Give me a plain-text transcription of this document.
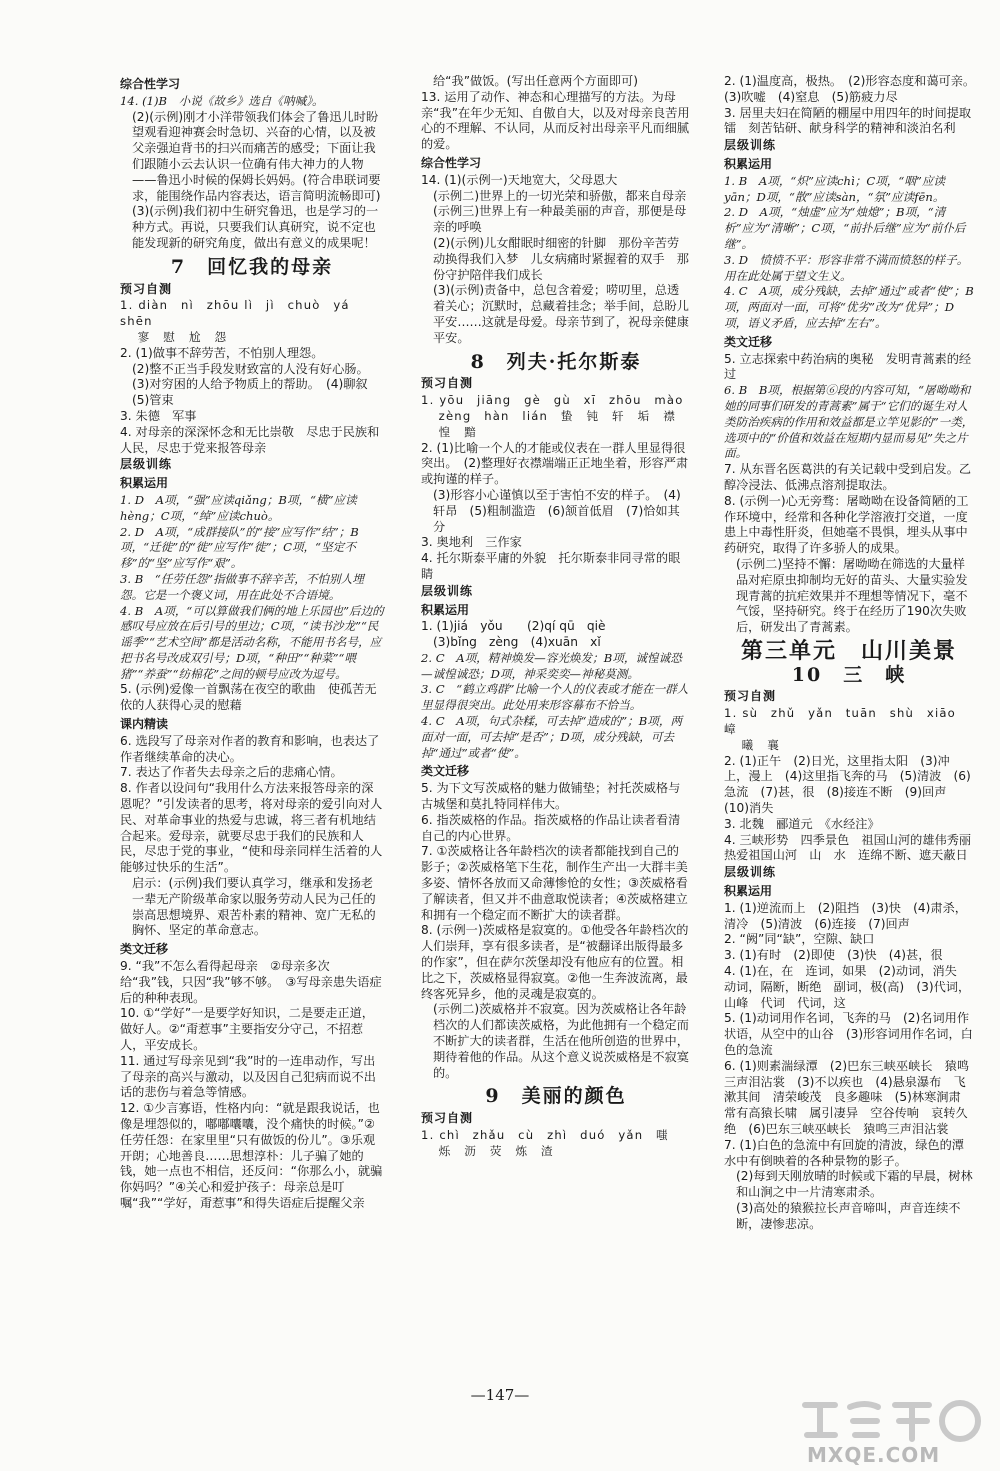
综合性学习
14. (1)B　小说《故乡》选自《呐喊》。
(2)(示例)刚才小洋带领我们体会了鲁迅儿时盼望观看迎神赛会时急切、兴奋的心情，以及被父亲强迫背书的扫兴而痛苦的感受；下面让我们跟随小云去认识一位确有伟大神力的人物——鲁迅小时候的保姆长妈妈。(符合串联词要求，能围绕作品内容表达，语言简明流畅即可)
(3)(示例)我们初中生研究鲁迅，也是学习的一种方式。再说，只要我们认真研究，说不定也能发现新的研究角度，做出有意义的成果呢！
7　回忆我的母亲
预习自测
1. diàn　nì　zhōu lì　jì　chuò　yá　shēn
　 寥　慰　尬　怨
2. (1)做事不辞劳苦，不怕别人理怨。
(2)整不正当手段发财致富的人没有好心肠。　(3)对穷困的人给予物质上的帮助。　(4)聊叙　(5)管束
3. 朱德　军事
4. 对母亲的深深怀念和无比崇敬　尽忠于民族和人民，尽忠于党来报答母亲
层级训练
积累运用
1. D　A项，“强”应读qiǎng；B项，“横”应读hèng；C项，“绰”应读chuò。
2. D　A项，“成群接队”的“接”应写作“结”；B项，“迁徙”的“徙”应写作“徙”；C项，“坚定不移”的“坚”应写作“艰”。
3. B　“任劳任怨”指做事不辞辛苦，不怕别人埋怨。它是一个褒义词，用在此处不合语境。
4. B　A项，“可以算做我们俩的地上乐园也”后边的感叹号应放在后引号的里边；C项，“读书沙龙”“民谣季”“艺术空间”都是活动名称，不能用书名号，应把书名号改成双引号；D项，“种田”“种菜”“喂猪”“养蚕”“纺棉花”之间的顿号应改为逗号。
5. (示例)爱像一首飘荡在夜空的歌曲　使孤苦无依的人获得心灵的慰藉
课内精读
6. 选段写了母亲对作者的教育和影响，也表达了作者继续革命的决心。
7. 表达了作者失去母亲之后的悲痛心情。
8. 作者以设问句“我用什么方法来报答母亲的深恩呢？”引发读者的思考，将对母亲的爱引向对人民、对革命事业的热爱与忠诚，将三者有机地结合起来。爱母亲，就要尽忠于我们的民族和人民，尽忠于党的事业，“使和母亲同样生活着的人能够过快乐的生活”。
启示：(示例)我们要认真学习，继承和发扬老一辈无产阶级革命家以服务劳动人民为己任的崇高思想境界、艰苦朴素的精神、宽广无私的胸怀、坚定的革命意志。
类文迁移
9. “我”不怎么看得起母亲　②母亲多次给“我”钱，只因“我”够不够。　③写母亲患失语症后的种种表现。
10. ①“学好”一是要学好知识，二是要走正道，做好人。②“甭惹事”主要指安分守己，不招惹人，平安成长。
11. 通过写母亲见到“我”时的一连串动作，写出了母亲的高兴与激动，以及因自己犯病而说不出话的悲伤与着急等情感。
12. ①少言寡语，性格内向：“就是跟我说话，也像是埋怨似的，嘟嘟囔囔，没个痛快的时候。”②任劳任怨：在家里里“只有做饭的份儿”。③乐观开朗；心地善良……思想淳朴：儿子骗了她的钱，她一点也不相信，还反问：“你那么小，就骗你妈吗？”④关心和爱护孩子：母亲总是叮嘱“我”“学好，甭惹事”和得失语症后提醒父亲
给“我”做饭。(写出任意两个方面即可)
13. 运用了动作、神态和心理描写的方法。为母亲“我”在年少无知、自傲自大，以及对母亲良苦用心的不理解、不认同，从而反衬出母亲平凡而细腻的爱。
综合性学习
14. (1)(示例一)天地宽大，父母恩大
(示例二)世界上的一切光荣和骄傲，都来自母亲
(示例三)世界上有一种最美丽的声音，那便是母亲的呼唤
(2)(示例)儿女酣眠时细密的针脚　那份辛苦劳动换得我们入梦　儿女病痛时紧握着的双手　那份守护陪伴我们成长
(3)(示例)责备中，总包含着爱；唠叨里，总透着关心；沉默时，总藏着挂念；举手间，总盼儿平安……这就是母爱。母亲节到了，祝母亲健康平安。
8　列夫·托尔斯泰
预习自测
1. yōu　jiāng　gè　gù　xī　zhōu　mào
　 zèng　hàn　lián　蛰　钝　轩　垢　襟
　 惶　黯
2. (1)比喻一个人的才能或仪表在一群人里显得很突出。　(2)整理好衣襟端端正正地坐着，形容严肃或拘谨的样子。
(3)形容小心谨慎以至于害怕不安的样子。　(4)轩昂　(5)粗制滥造　(6)颔首低眉　(7)恰如其分
3. 奥地利　三作家
4. 托尔斯泰平庸的外貌　托尔斯泰非同寻常的眼睛
层级训练
积累运用
1. (1)jiá　yǒu　　(2)qí qū　qiè
(3)bǐng　zèng　(4)xuān　xǐ
2. C　A项，精神焕发—容光焕发；B项，诚惶诚恐—诚惶诚恐；D项，神采奕奕—神秘莫测。
3. C　“鹤立鸡群”比喻一个人的仪表或才能在一群人里显得很突出。此处用来形容幕布不恰当。
4. C　A项，句式杂糅，可去掉“造成的”；B项，两面对一面，可去掉“是否”；D项，成分残缺，可去掉“通过”或者“使”。
类文迁移
5. 为下文写茨威格的魅力做铺垫；衬托茨威格与古城堡和莫扎特同样伟大。
6. 指茨威格的作品。指茨威格的作品让读者看清自己的内心世界。
7. ①茨威格让各年龄档次的读者都能找到自己的影子；②茨威格笔下生花，制作生产出一大群丰美多姿、情怀各放而又命薄惨怆的女性；③茨威格看了解读者，但又并不曲意取悦读者；④茨威格建立和拥有一个稳定而不断扩大的读者群。
8. (示例一)茨威格是寂寞的。①他受各年龄档次的人们崇拜，享有很多读者，是“被翻译出版得最多的作家”，但在萨尔茨堡却没有他应有的位置。相比之下，茨威格显得寂寞。②他一生奔波流离，最终客死异乡，他的灵魂是寂寞的。
(示例二)茨威格并不寂寞。因为茨威格让各年龄档次的人们都读茨威格，为此他拥有一个稳定而不断扩大的读者群，生活在他所创造的世界中，期待着他的作品。从这个意义说茨威格是不寂寞的。
9　美丽的颜色
预习自测
1. chì　zhǎu　cù　zhì　duó　yǎn　嗤
　 烁　沥　荧　炼　渣
2. (1)温度高，极热。　(2)形容态度和蔼可亲。　(3)吹嘘　(4)窒息　(5)筋疲力尽
3. 居里夫妇在简陋的棚屋中用四年的时间提取镭　刻苦钻研、献身科学的精神和淡泊名利
层级训练
积累运用
1. B　A项，“炽”应读chì；C项，“咽”应读yān；D项，“散”应读sàn，“氛”应读fēn。
2. D　A项，“烛虚”应为“烛熄”；B项，“清析”应为“清晰”；C项，“前扑后继”应为“前仆后继”。
3. D　愤愤不平：形容非常不满而愤怒的样子。用在此处属于望文生义。
4. C　A项，成分残缺，去掉“通过”或者“使”；B项，两面对一面，可将“优劣”改为“优异”；D项，语义矛盾，应去掉“左右”。
类文迁移
5. 立志探索中药治病的奥秘　发明青蒿素的经过
6. B　B项，根据第⑥段的内容可知，“屠呦呦和她的同事们研发的青蒿素”属于“它们的诞生对人类防治疾病的作用和效益都是立竿见影的”一类，选项中的“价值和效益在短期内显而易见”失之片面。
7. 从东晋名医葛洪的有关记载中受到启发。乙醇冷浸法、低沸点溶剂提取法。
8. (示例一)心无旁骛：屠呦呦在设备简陋的工作环境中，经常和各种化学溶液打交道，一度患上中毒性肝炎，但她毫不畏惧，埋头从事中药研究，取得了许多骄人的成果。
(示例二)坚持不懈：屠呦呦在筛选的大量样品对疟原虫抑制均无好的苗头、大量实验发现青蒿的抗疟效果并不理想等情况下，毫不气馁，坚持研究。终于在经历了190次失败后，研发出了青蒿素。
第三单元　山川美景
10　三　峡
预习自测
1. sù　zhǔ　yǎn　tuān　shù　xiāo　嶂
　 曦　襄
2. (1)正午　(2)日光，这里指太阳　(3)冲上，漫上　(4)这里指飞奔的马　(5)清波　(6)急流　(7)甚，很　(8)接连不断　(9)回声　(10)消失
3. 北魏　郦道元　《水经注》
4. 三峡形势　四季景色　祖国山河的雄伟秀丽　热爱祖国山河　山　水　连绵不断、遮天蔽日
层级训练
积累运用
1. (1)逆流而上　(2)阻挡　(3)快　(4)肃杀，清冷　(5)清波　(6)连接　(7)回声
2. “阙”同“缺”，空隙、缺口
3. (1)有时　(2)即使　(3)快　(4)甚，很
4. (1)在，在　连词，如果　(2)动词，消失　动词，隔断，断绝　副词，极(高)　(3)代词，山峰　代词　代词，这
5. (1)动词用作名词，飞奔的马　(2)名词用作状语，从空中的山谷　(3)形容词用作名词，白色的急流
6. (1)则素湍绿潭　(2)巴东三峡巫峡长　猿鸣三声泪沾裳　(3)不以疾也　(4)悬泉瀑布　飞漱其间　清荣峻茂　良多趣味　(5)林寒涧肃　常有高猿长啸　属引凄异　空谷传响　哀转久绝　(6)巴东三峡巫峡长　猿鸣三声泪沾裳
7. (1)白色的急流中有回旋的清波，绿色的潭水中有倒映着的各种景物的影子。
(2)每到天刚放晴的时候或下霜的早晨，树林和山涧之中一片清寒肃杀。
(3)高处的猿猴拉长声音啼叫，声音连续不断，凄惨悲凉。
—147—
MXQE.COM
